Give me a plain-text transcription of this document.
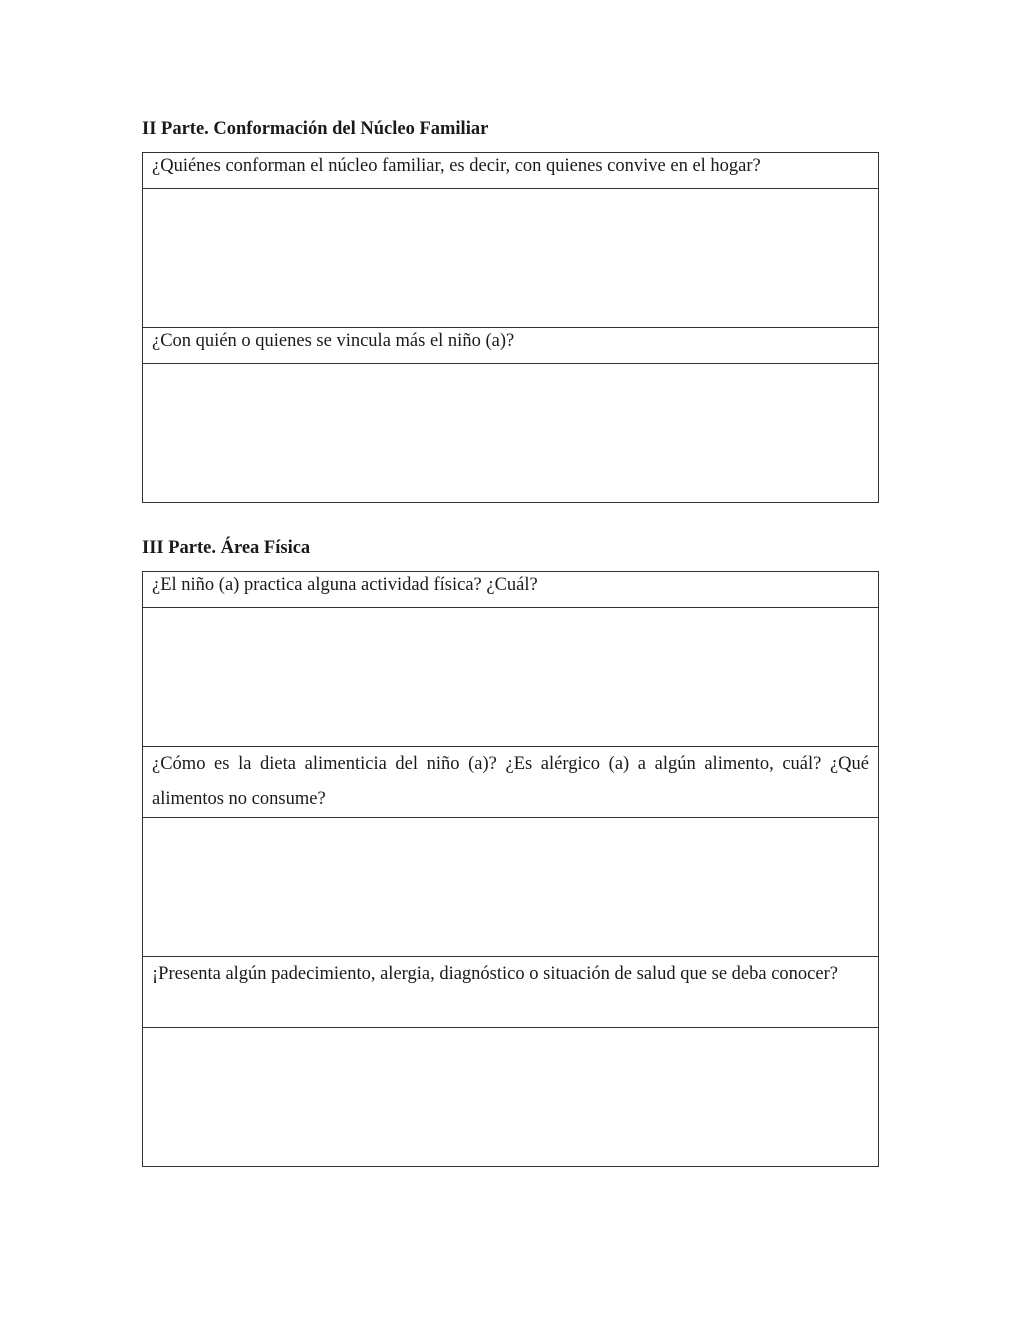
II Parte. Conformación del Núcleo Familiar
¿Quiénes conforman el núcleo familiar, es decir, con quienes convive en el hogar?

¿Con quién o quienes se vincula más el niño (a)?

III Parte. Área Física
¿El niño (a) practica alguna actividad física? ¿Cuál?

¿Cómo es la dieta alimenticia del niño (a)? ¿Es alérgico (a) a algún alimento, cuál? ¿Qué alimentos no consume?

¡Presenta algún padecimiento, alergia, diagnóstico o situación de salud que se deba conocer?
